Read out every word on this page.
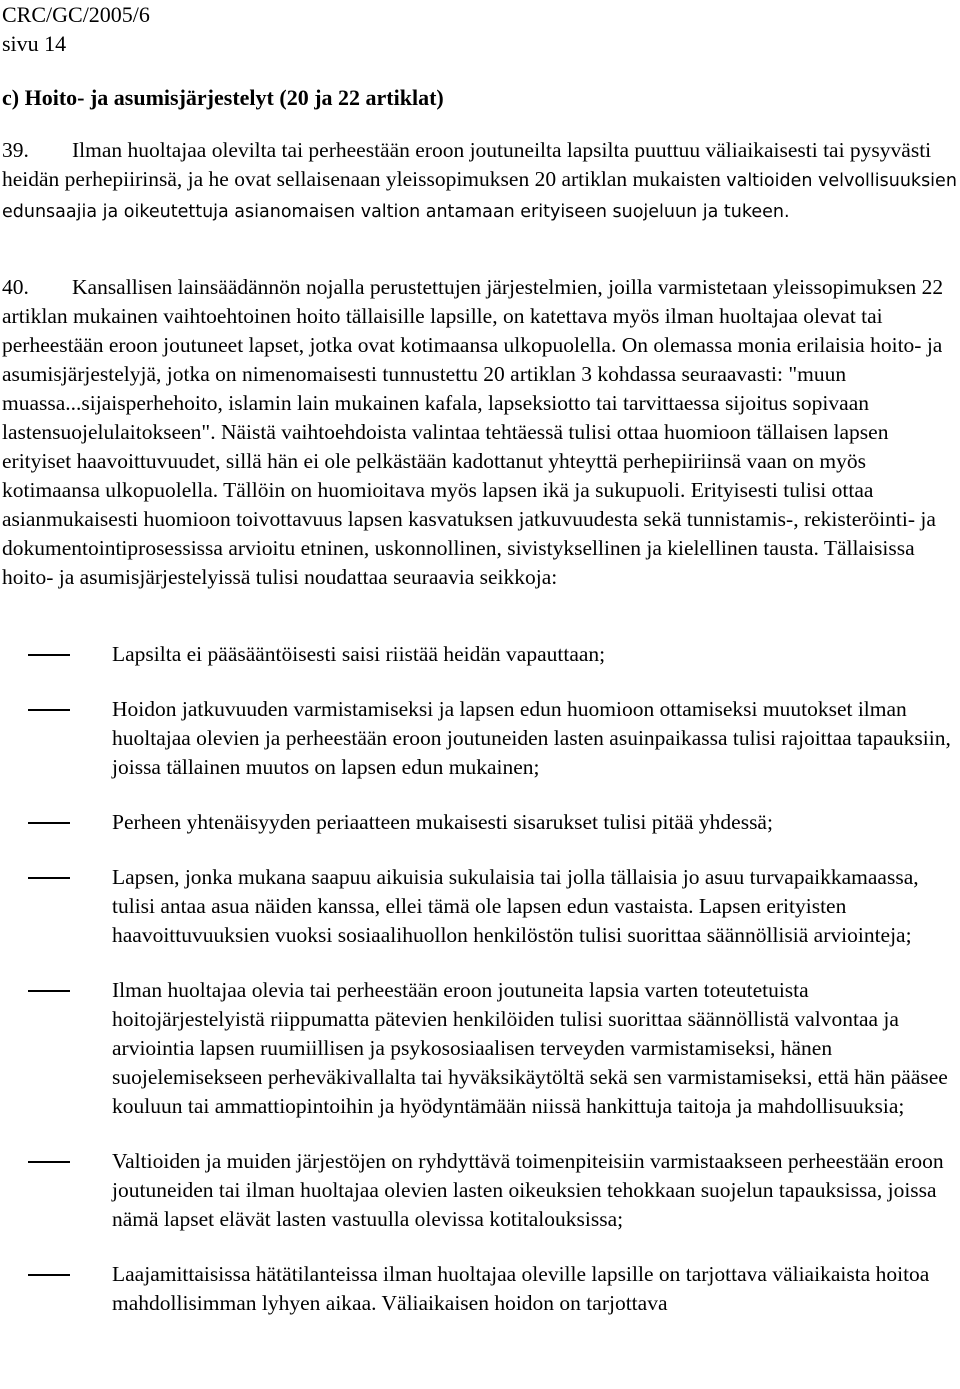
CRC/GC/2005/6
sivu 14
c) Hoito- ja asumisjärjestelyt (20 ja 22 artiklat)

39. Ilman huoltajaa olevilta tai perheestään eroon joutuneilta lapsilta puuttuu väliaikaisesti tai pysyvästi heidän perhepiirinsä, ja he ovat sellaisenaan yleissopimuksen 20 artiklan mukaisten valtioiden velvollisuuksien edunsaajia ja oikeutettuja asianomaisen valtion antamaan erityiseen suojeluun ja tukeen.

40. Kansallisen lainsäädännön nojalla perustettujen järjestelmien, joilla varmistetaan yleissopimuksen 22 artiklan mukainen vaihtoehtoinen hoito tällaisille lapsille, on katettava myös ilman huoltajaa olevat tai perheestään eroon joutuneet lapset, jotka ovat kotimaansa ulkopuolella. On olemassa monia erilaisia hoito- ja asumisjärjestelyjä, jotka on nimenomaisesti tunnustettu 20 artiklan 3 kohdassa seuraavasti: "muun muassa...sijaisperhehoito, islamin lain mukainen kafala, lapseksiotto tai tarvittaessa sijoitus sopivaan lastensuojelulaitokseen". Näistä vaihtoehdoista valintaa tehtäessä tulisi ottaa huomioon tällaisen lapsen erityiset haavoittuvuudet, sillä hän ei ole pelkästään kadottanut yhteyttä perhepiiriinsä vaan on myös kotimaansa ulkopuolella. Tällöin on huomioitava myös lapsen ikä ja sukupuoli. Erityisesti tulisi ottaa asianmukaisesti huomioon toivottavuus lapsen kasvatuksen jatkuvuudesta sekä tunnistamis-, rekisteröinti- ja dokumentointiprosessissa arvioitu etninen, uskonnollinen, sivistyksellinen ja kielellinen tausta. Tällaisissa hoito- ja asumisjärjestelyissä tulisi noudattaa seuraavia seikkoja:

Lapsilta ei pääsääntöisesti saisi riistää heidän vapauttaan;
Hoidon jatkuvuuden varmistamiseksi ja lapsen edun huomioon ottamiseksi muutokset ilman huoltajaa olevien ja perheestään eroon joutuneiden lasten asuinpaikassa tulisi rajoittaa tapauksiin, joissa tällainen muutos on lapsen edun mukainen;
Perheen yhtenäisyyden periaatteen mukaisesti sisarukset tulisi pitää yhdessä;
Lapsen, jonka mukana saapuu aikuisia sukulaisia tai jolla tällaisia jo asuu turvapaikkamaassa, tulisi antaa asua näiden kanssa, ellei tämä ole lapsen edun vastaista. Lapsen erityisten haavoittuvuuksien vuoksi sosiaalihuollon henkilöstön tulisi suorittaa säännöllisiä arviointeja;
Ilman huoltajaa olevia tai perheestään eroon joutuneita lapsia varten toteutetuista hoitojärjestelyistä riippumatta pätevien henkilöiden tulisi suorittaa säännöllistä valvontaa ja arviointia lapsen ruumiillisen ja psykososiaalisen terveyden varmistamiseksi, hänen suojelemisekseen perheväkivallalta tai hyväksikäytöltä sekä sen varmistamiseksi, että hän pääsee kouluun tai ammattiopintoihin ja hyödyntämään niissä hankittuja taitoja ja mahdollisuuksia;
Valtioiden ja muiden järjestöjen on ryhdyttävä toimenpiteisiin varmistaakseen perheestään eroon joutuneiden tai ilman huoltajaa olevien lasten oikeuksien tehokkaan suojelun tapauksissa, joissa nämä lapset elävät lasten vastuulla olevissa kotitalouksissa;
Laajamittaisissa hätätilanteissa ilman huoltajaa oleville lapsille on tarjottava väliaikaista hoitoa mahdollisimman lyhyen aikaa. Väliaikaisen hoidon on tarjottava
